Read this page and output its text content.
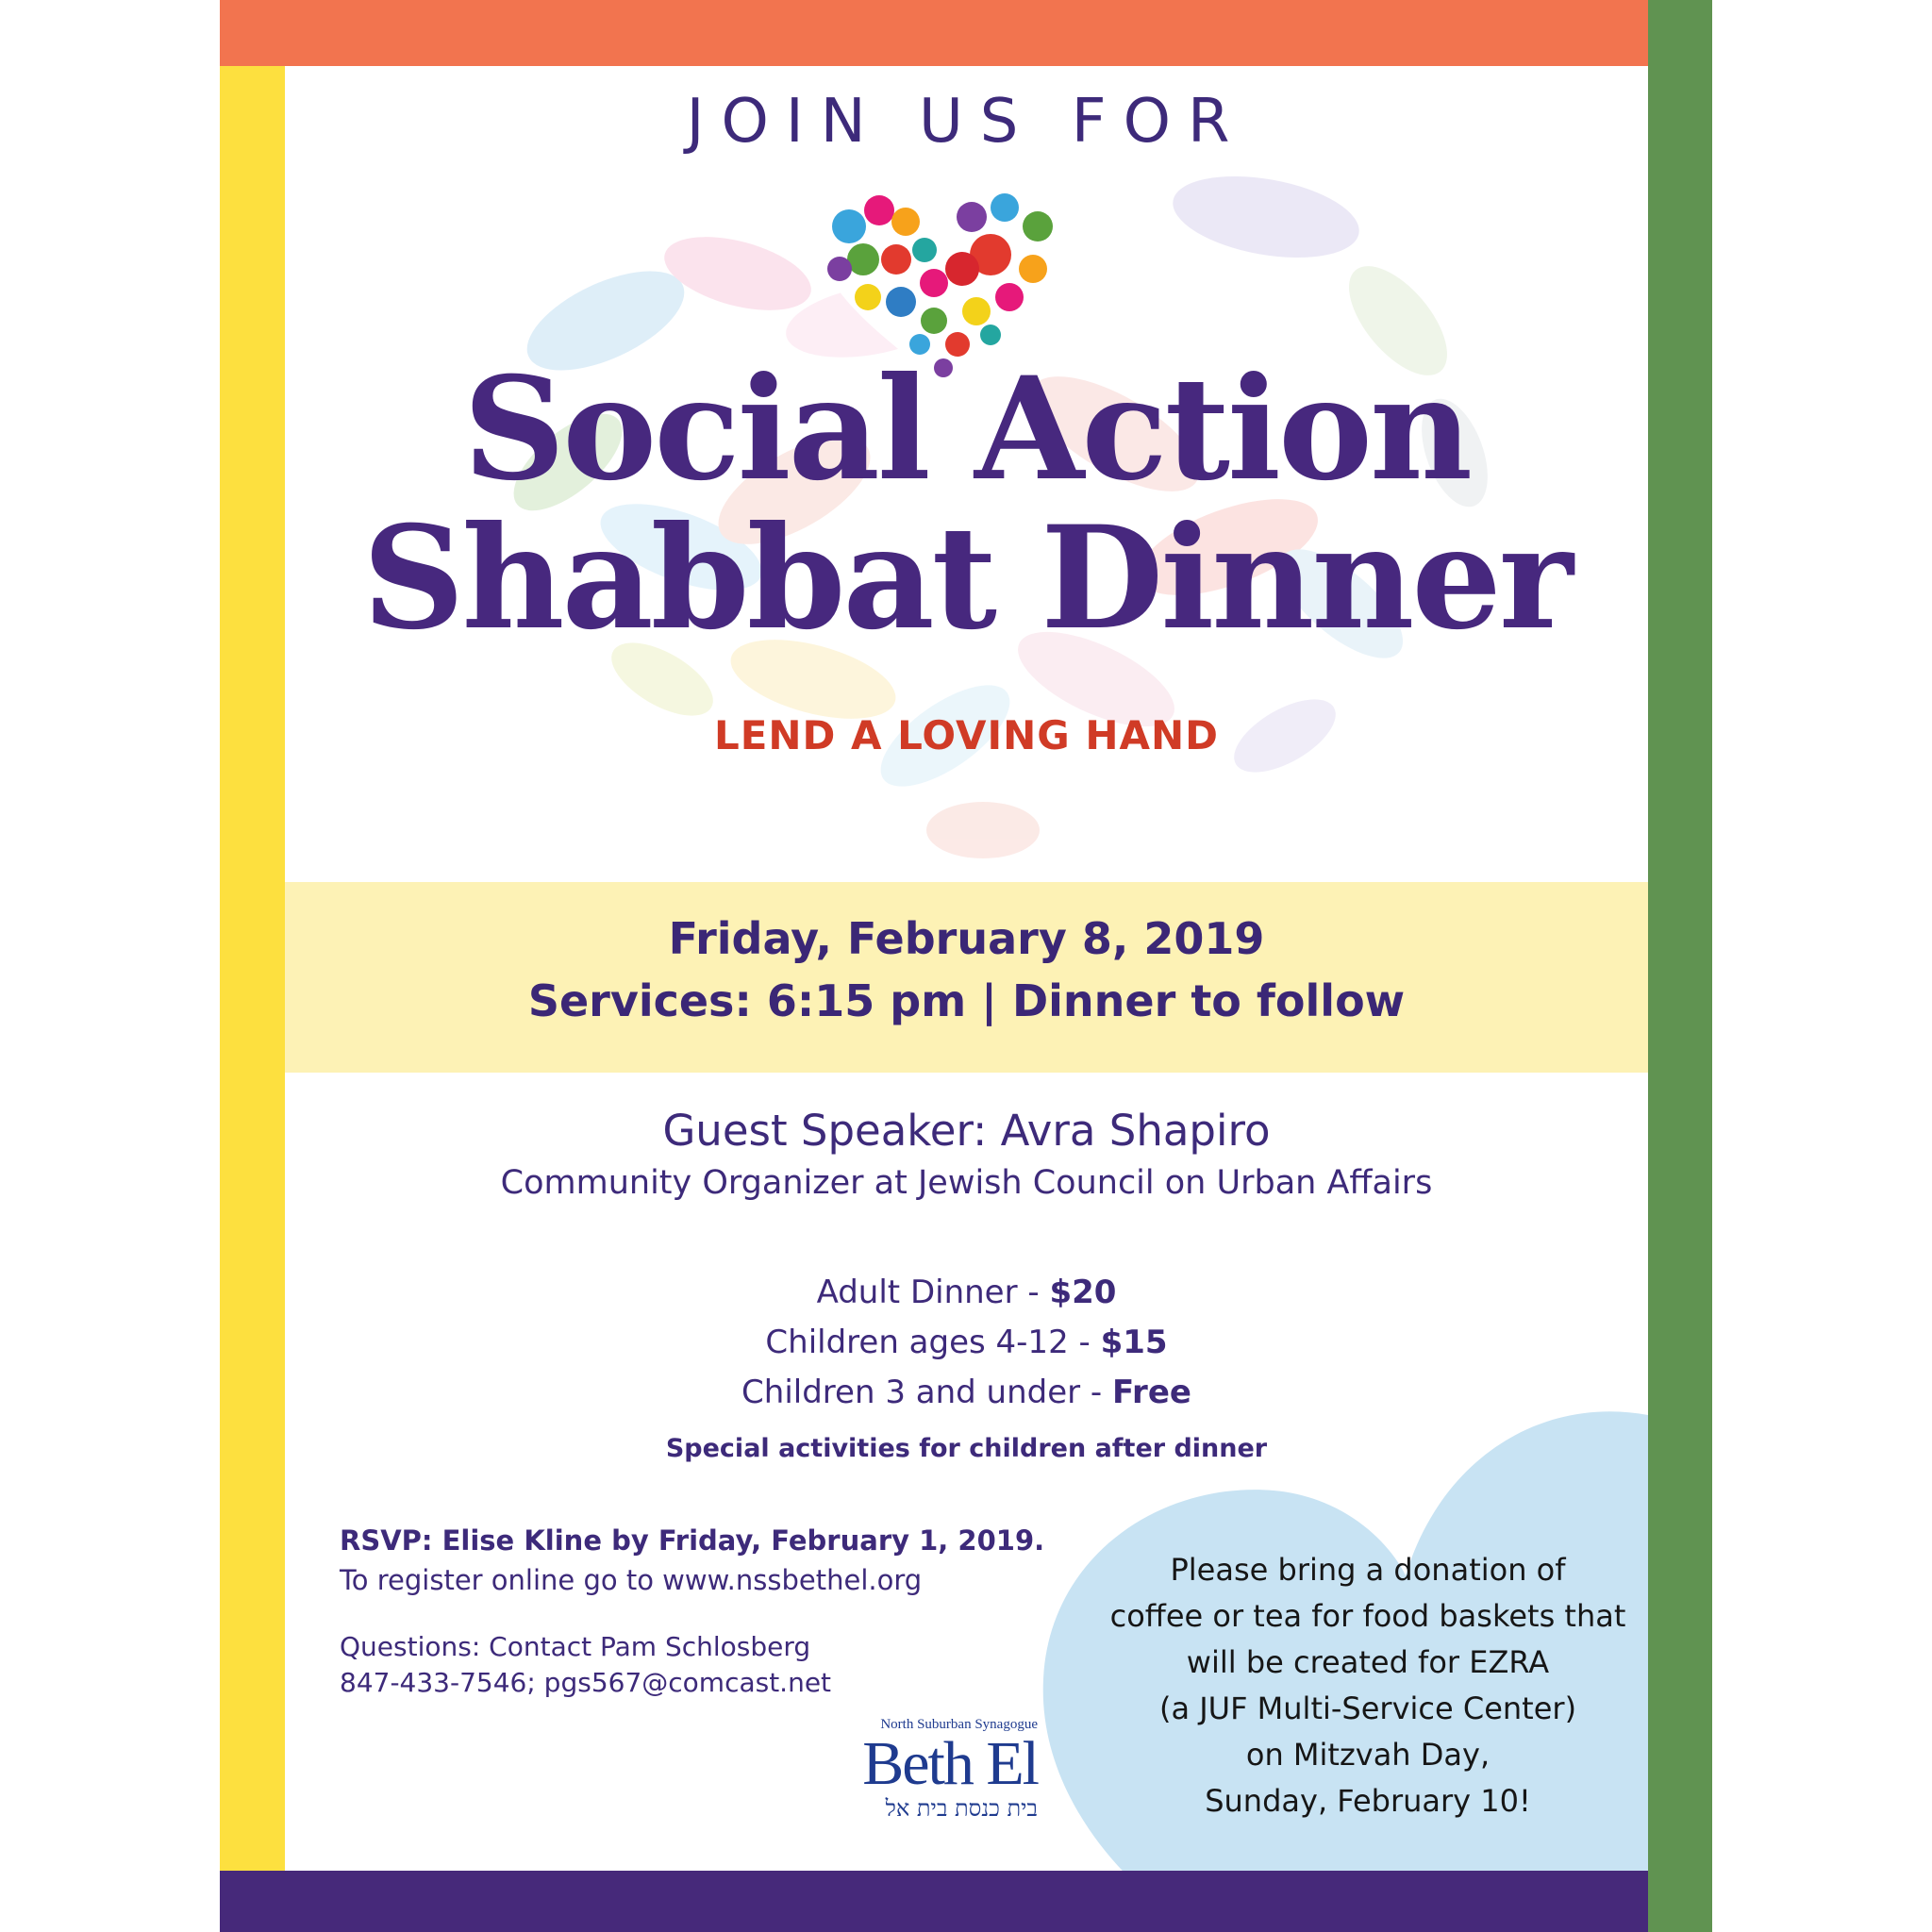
JOIN US FOR
Social Action
Shabbat Dinner
LEND A LOVING HAND
Friday, February 8, 2019
Services: 6:15 pm | Dinner to follow
Guest Speaker: Avra Shapiro
Community Organizer at Jewish Council on Urban Affairs
Adult Dinner - $20
Children ages 4-12 - $15
Children 3 and under - Free
Special activities for children after dinner
RSVP: Elise Kline by Friday, February 1, 2019.
To register online go to www.nssbethel.org
Questions: Contact Pam Schlosberg
847-433-7546; pgs567@comcast.net
North Suburban Synagogue
Beth El
בית כנסת בית אל
Please bring a donation of
coffee or tea for food baskets that
will be created for EZRA
(a JUF Multi-Service Center)
on Mitzvah Day,
Sunday, February 10!
